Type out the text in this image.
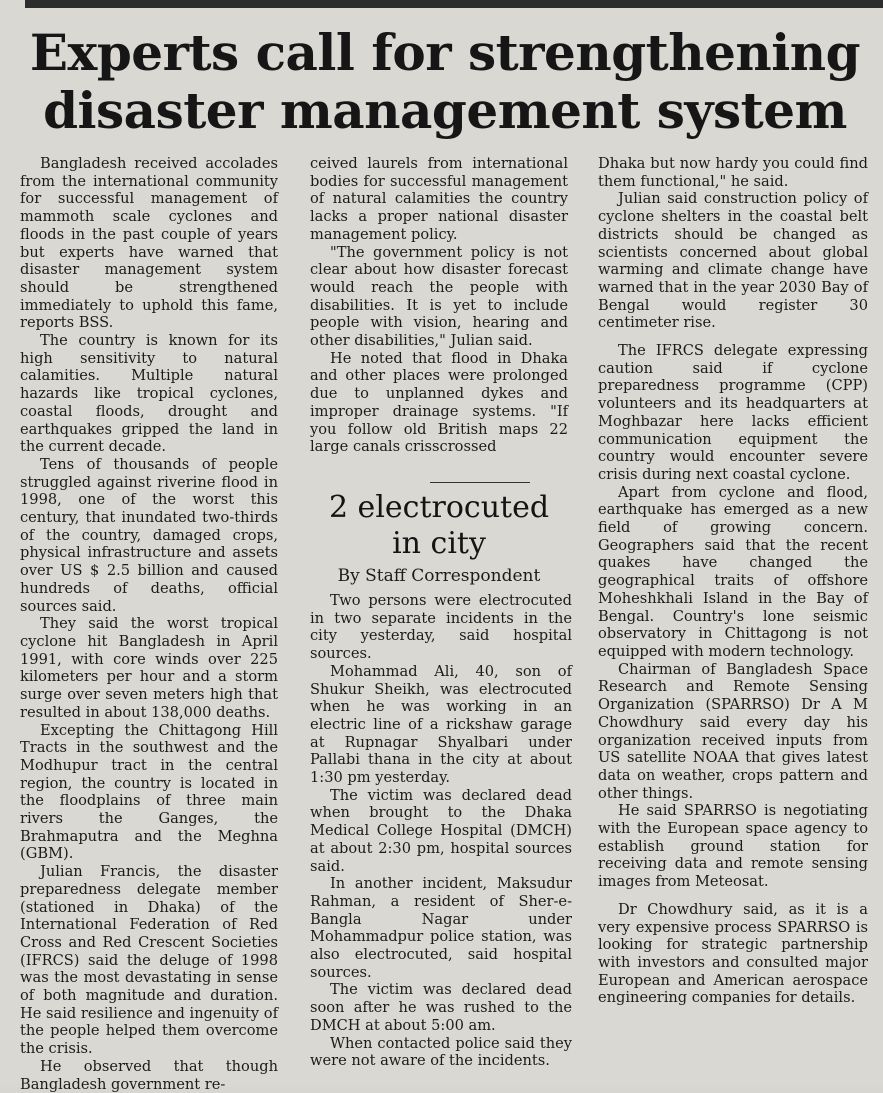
Experts call for strengthening disaster management system

Bangladesh received accolades from the international community for successful management of mammoth scale cyclones and floods in the past couple of years but experts have warned that disaster management system should be strengthened immediately to uphold this fame, reports BSS.

The country is known for its high sensitivity to natural calamities. Multiple natural hazards like tropical cyclones, coastal floods, drought and earthquakes gripped the land in the current decade.

Tens of thousands of people struggled against riverine flood in 1998, one of the worst this century, that inundated two-thirds of the country, damaged crops, physical infrastructure and assets over US $ 2.5 billion and caused hundreds of deaths, official sources said.

They said the worst tropical cyclone hit Bangladesh in April 1991, with core winds over 225 kilometers per hour and a storm surge over seven meters high that resulted in about 138,000 deaths.

Excepting the Chittagong Hill Tracts in the southwest and the Modhupur tract in the central region, the country is located in the floodplains of three main rivers the Ganges, the Brahmaputra and the Meghna (GBM).

Julian Francis, the disaster preparedness delegate member (stationed in Dhaka) of the International Federation of Red Cross and Red Crescent Societies (IFRCS) said the deluge of 1998 was the most devastating in sense of both magnitude and duration. He said resilience and ingenuity of the people helped them overcome the crisis.

He observed that though Bangladesh government re-

ceived laurels from international bodies for successful management of natural calamities the country lacks a proper national disaster management policy.

"The government policy is not clear about how disaster forecast would reach the people with disabilities. It is yet to include people with vision, hearing and other disabilities," Julian said.

He noted that flood in Dhaka and other places were prolonged due to unplanned dykes and improper drainage systems. "If you follow old British maps 22 large canals crisscrossed

2 electrocuted
in city
By Staff Correspondent

Two persons were electrocuted in two separate incidents in the city yesterday, said hospital sources.

Mohammad Ali, 40, son of Shukur Sheikh, was electrocuted when he was working in an electric line of a rickshaw garage at Rupnagar Shyalbari under Pallabi thana in the city at about 1:30 pm yesterday.

The victim was declared dead when brought to the Dhaka Medical College Hospital (DMCH) at about 2:30 pm, hospital sources said.

In another incident, Maksudur Rahman, a resident of Sher-e-Bangla Nagar under Mohammadpur police station, was also electrocuted, said hospital sources.

The victim was declared dead soon after he was rushed to the DMCH at about 5:00 am.

When contacted police said they were not aware of the incidents.

Dhaka but now hardy you could find them functional," he said.

Julian said construction policy of cyclone shelters in the coastal belt districts should be changed as scientists concerned about global warming and climate change have warned that in the year 2030 Bay of Bengal would register 30 centimeter rise.

The IFRCS delegate expressing caution said if cyclone preparedness programme (CPP) volunteers and its headquarters at Moghbazar here lacks efficient communication equipment the country would encounter severe crisis during next coastal cyclone.

Apart from cyclone and flood, earthquake has emerged as a new field of growing concern. Geographers said that the recent quakes have changed the geographical traits of offshore Moheshkhali Island in the Bay of Bengal. Country's lone seismic observatory in Chittagong is not equipped with modern technology.

Chairman of Bangladesh Space Research and Remote Sensing Organization (SPARRSO) Dr A M Chowdhury said every day his organization received inputs from US satellite NOAA that gives latest data on weather, crops pattern and other things.

He said SPARRSO is negotiating with the European space agency to establish ground station for receiving data and remote sensing images from Meteosat.

Dr Chowdhury said, as it is a very expensive process SPARRSO is looking for strategic partnership with investors and consulted major European and American aerospace engineering companies for details.
